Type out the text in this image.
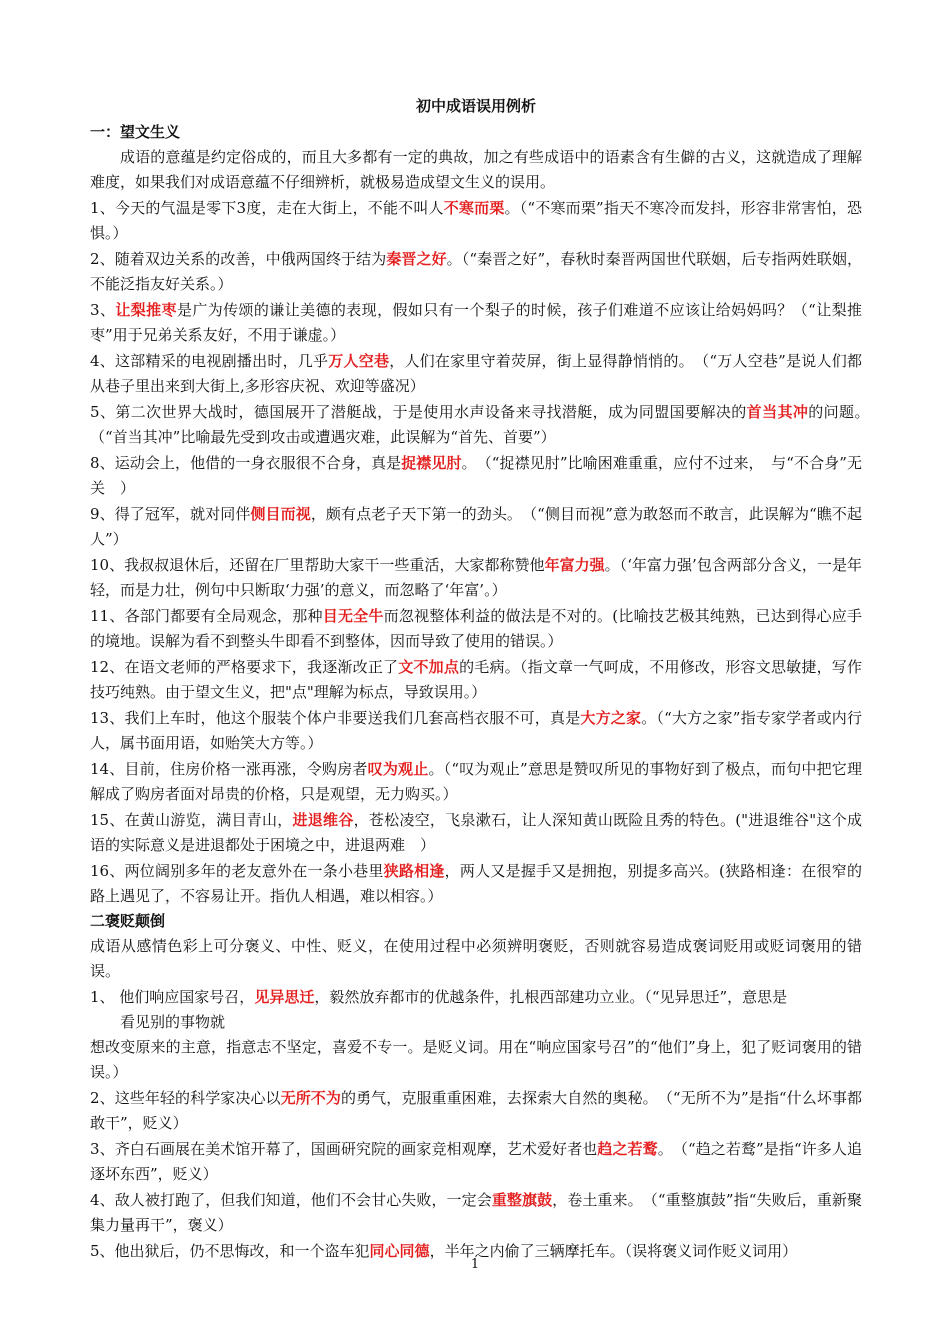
初中成语误用例析
一：望文生义

成语的意蕴是约定俗成的，而且大多都有一定的典故，加之有些成语中的语素含有生僻的古义，这就造成了理解难度，如果我们对成语意蕴不仔细辨析，就极易造成望文生义的误用。

1、今天的气温是零下3度，走在大街上，不能不叫人不寒而栗。（“不寒而栗”指天不寒冷而发抖，形容非常害怕，恐惧。）

2、随着双边关系的改善，中俄两国终于结为秦晋之好。（“秦晋之好”，春秋时秦晋两国世代联姻，后专指两姓联姻，不能泛指友好关系。）

3、让梨推枣是广为传颂的谦让美德的表现，假如只有一个梨子的时候，孩子们难道不应该让给妈妈吗？（“让梨推枣”用于兄弟关系友好，不用于谦虚。）

4、这部精采的电视剧播出时，几乎万人空巷，人们在家里守着荧屏，街上显得静悄悄的。　（“万人空巷”是说人们都从巷子里出来到大街上,多形容庆祝、欢迎等盛况）

5、第二次世界大战时，德国展开了潜艇战，于是使用水声设备来寻找潜艇，成为同盟国要解决的首当其冲的问题。　（“首当其冲”比喻最先受到攻击或遭遇灾难，此误解为“首先、首要”）

8、运动会上，他借的一身衣服很不合身，真是捉襟见肘。　（“捉襟见肘”比喻困难重重，应付不过来，　与“不合身”无关　）

9、得了冠军，就对同伴侧目而视，颇有点老子天下第一的劲头。　（“侧目而视”意为敢怒而不敢言，此误解为“瞧不起人”）

10、我叔叔退休后，还留在厂里帮助大家干一些重活，大家都称赞他年富力强。（‘年富力强’包含两部分含义，一是年轻，而是力壮，例句中只断取‘力强’的意义，而忽略了‘年富’。）

11、各部门都要有全局观念，那种目无全牛而忽视整体利益的做法是不对的。(比喻技艺极其纯熟，已达到得心应手的境地。误解为看不到整头牛即看不到整体，因而导致了使用的错误。）

12、在语文老师的严格要求下，我逐渐改正了文不加点的毛病。（指文章一气呵成，不用修改，形容文思敏捷，写作技巧纯熟。由于望文生义，把"点"理解为标点，导致误用。）

13、我们上车时，他这个服装个体户非要送我们几套高档衣服不可，真是大方之家。（“大方之家”指专家学者或内行人，属书面用语，如贻笑大方等。）

14、目前，住房价格一涨再涨，令购房者叹为观止。（“叹为观止”意思是赞叹所见的事物好到了极点，而句中把它理解成了购房者面对昂贵的价格，只是观望，无力购买。）

15、在黄山游览，满目青山，进退维谷，苍松凌空，飞泉漱石，让人深知黄山既险且秀的特色。("进退维谷"这个成语的实际意义是进退都处于困境之中，进退两难　）

16、两位阔别多年的老友意外在一条小巷里狭路相逢，两人又是握手又是拥抱，别提多高兴。(狭路相逢：在很窄的路上遇见了，不容易让开。指仇人相遇，难以相容。）

二褒贬颠倒

成语从感情色彩上可分褒义、中性、贬义，在使用过程中必须辨明褒贬，否则就容易造成褒词贬用或贬词褒用的错误。

1、 他们响应国家号召，见异思迁，毅然放弃都市的优越条件，扎根西部建功立业。（“见异思迁”，意思是

看见别的事物就

想改变原来的主意，指意志不坚定，喜爱不专一。是贬义词。用在“响应国家号召”的“他们”身上，犯了贬词褒用的错误。）

2、这些年轻的科学家决心以无所不为的勇气，克服重重困难，去探索大自然的奥秘。　（“无所不为”是指“什么坏事都敢干”，贬义）

3、齐白石画展在美术馆开幕了，国画研究院的画家竞相观摩，艺术爱好者也趋之若鹜。　（“趋之若鹜”是指“许多人追逐坏东西”，贬义）

4、敌人被打跑了，但我们知道，他们不会甘心失败，一定会重整旗鼓，卷土重来。　（“重整旗鼓”指“失败后，重新聚集力量再干”，褒义）

5、他出狱后，仍不思悔改，和一个盗车犯同心同德，半年之内偷了三辆摩托车。（误将褒义词作贬义词用）

1
